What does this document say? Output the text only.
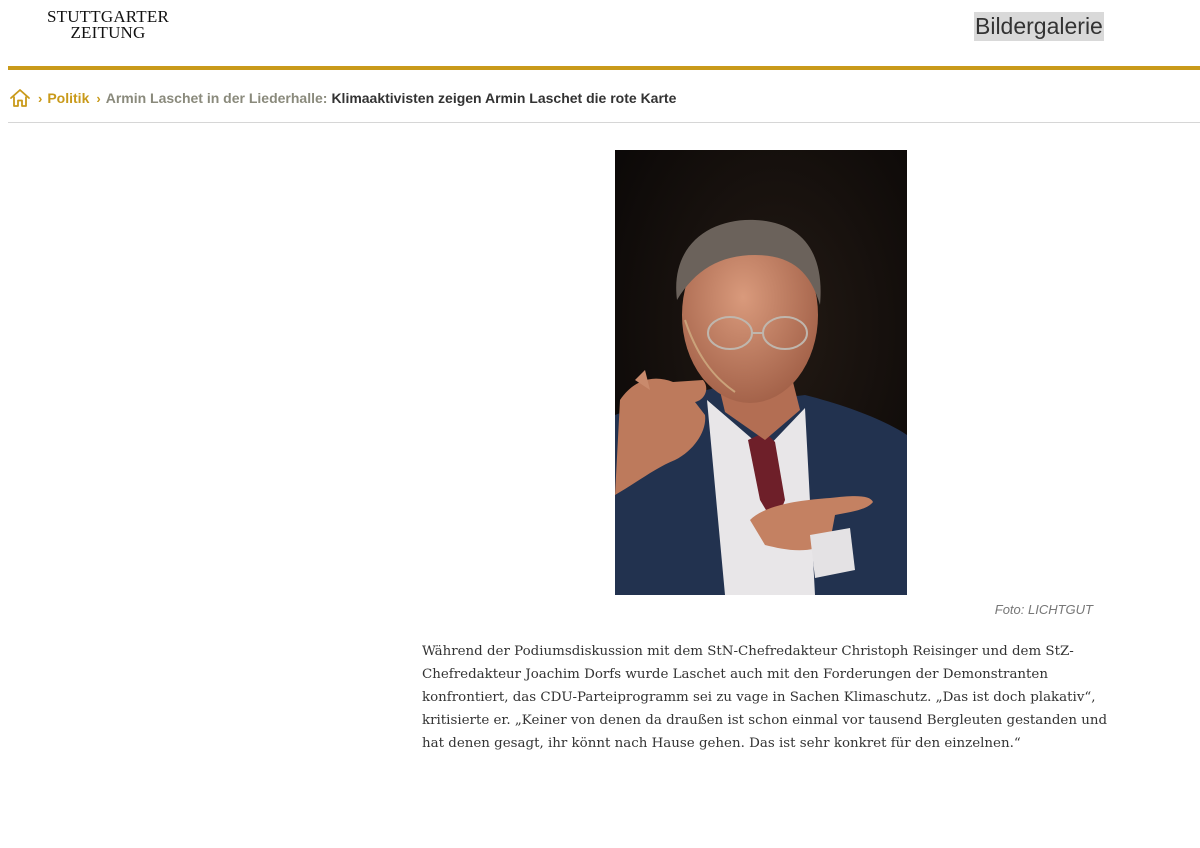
STUTTGARTER
ZEITUNG	Bildergalerie
› Politik › Armin Laschet in der Liederhalle: Klimaaktivisten zeigen Armin Laschet die rote Karte
Foto: LICHTGUT

Während der Podiumsdiskussion mit dem StN-Chefredakteur Christoph Reisinger und dem StZ-Chefredakteur Joachim Dorfs wurde Laschet auch mit den Forderungen der Demonstranten konfrontiert, das CDU-Parteiprogramm sei zu vage in Sachen Klimaschutz. „Das ist doch plakativ“, kritisierte er. „Keiner von denen da draußen ist schon einmal vor tausend Bergleuten gestanden und hat denen gesagt, ihr könnt nach Hause gehen. Das ist sehr konkret für den einzelnen.“
